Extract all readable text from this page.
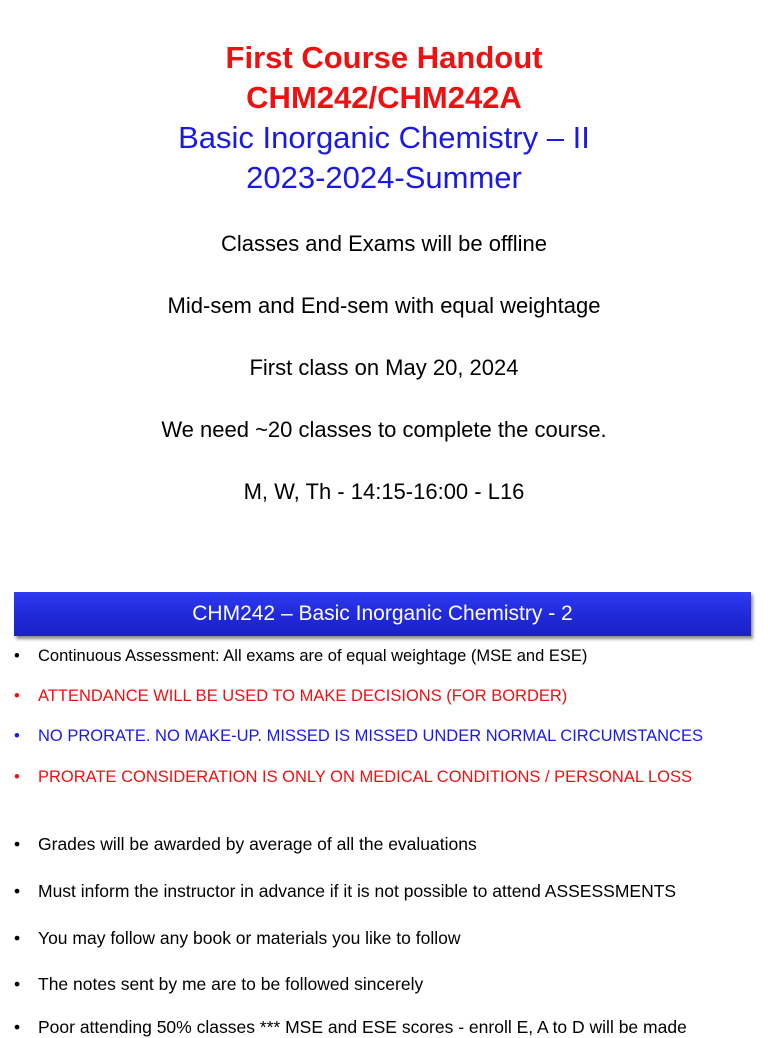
First Course Handout
CHM242/CHM242A
Basic Inorganic Chemistry – II
2023-2024-Summer
Classes and Exams will be offline
Mid-sem and End-sem with equal weightage
First class on May 20, 2024
We need ~20 classes to complete the course.
M, W, Th - 14:15-16:00 - L16
CHM242 – Basic Inorganic Chemistry - 2
• Continuous Assessment: All exams are of equal weightage (MSE and ESE)
• ATTENDANCE WILL BE USED TO MAKE DECISIONS (FOR BORDER)
• NO PRORATE. NO MAKE-UP. MISSED IS MISSED UNDER NORMAL CIRCUMSTANCES
• PRORATE CONSIDERATION IS ONLY ON MEDICAL CONDITIONS / PERSONAL LOSS
• Grades will be awarded by average of all the evaluations
• Must inform the instructor in advance if it is not possible to attend ASSESSMENTS
• You may follow any book or materials you like to follow
• The notes sent by me are to be followed sincerely
• Poor attending 50% classes *** MSE and ESE scores - enroll E, A to D will be made
